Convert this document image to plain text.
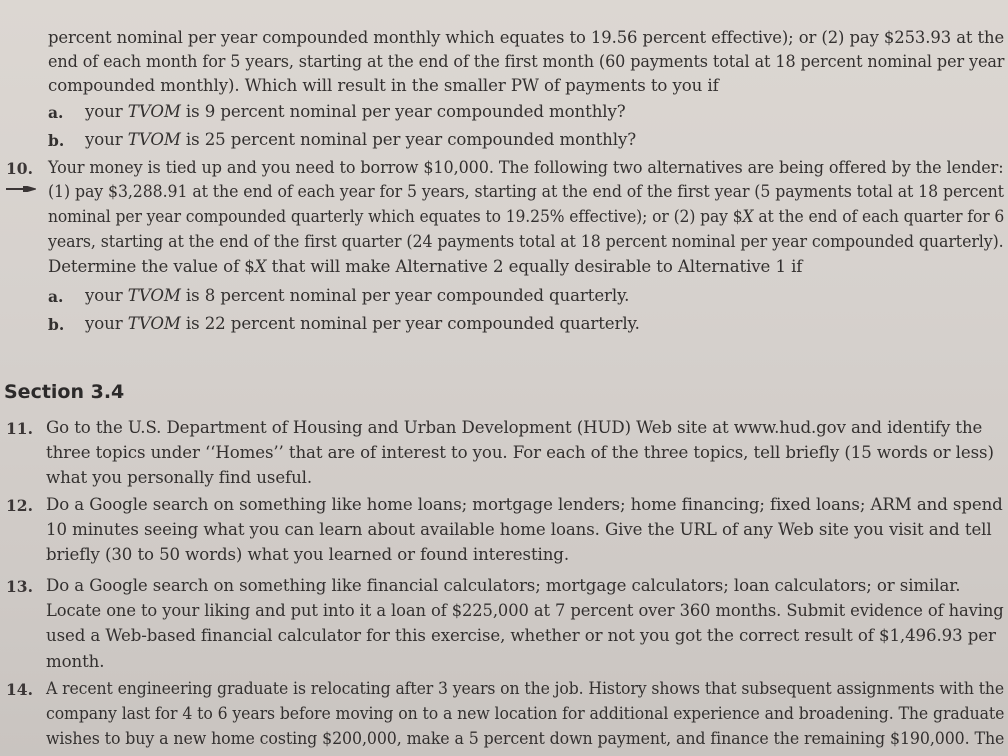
percent nominal per year compounded monthly which equates to 19.56 percent effective); or (2) pay $253.93 at the
end of each month for 5 years, starting at the end of the first month (60 payments total at 18 percent nominal per year
compounded monthly). Which will result in the smaller PW of payments to you if
a. your TVOM is 9 percent nominal per year compounded monthly?
b. your TVOM is 25 percent nominal per year compounded monthly?
10. Your money is tied up and you need to borrow $10,000. The following two alternatives are being offered by the lender:
(1) pay $3,288.91 at the end of each year for 5 years, starting at the end of the first year (5 payments total at 18 percent
nominal per year compounded quarterly which equates to 19.25% effective); or (2) pay $X at the end of each quarter for 6
years, starting at the end of the first quarter (24 payments total at 18 percent nominal per year compounded quarterly).
Determine the value of $X that will make Alternative 2 equally desirable to Alternative 1 if
a. your TVOM is 8 percent nominal per year compounded quarterly.
b. your TVOM is 22 percent nominal per year compounded quarterly.
Section 3.4
11. Go to the U.S. Department of Housing and Urban Development (HUD) Web site at www.hud.gov and identify the
three topics under ‘‘Homes’’ that are of interest to you. For each of the three topics, tell briefly (15 words or less)
what you personally find useful.
12. Do a Google search on something like home loans; mortgage lenders; home financing; fixed loans; ARM and spend
10 minutes seeing what you can learn about available home loans. Give the URL of any Web site you visit and tell
briefly (30 to 50 words) what you learned or found interesting.
13. Do a Google search on something like financial calculators; mortgage calculators; loan calculators; or similar.
Locate one to your liking and put into it a loan of $225,000 at 7 percent over 360 months. Submit evidence of having
used a Web-based financial calculator for this exercise, whether or not you got the correct result of $1,496.93 per
month.
14. A recent engineering graduate is relocating after 3 years on the job. History shows that subsequent assignments with the
company last for 4 to 6 years before moving on to a new location for additional experience and broadening. The graduate
wishes to buy a new home costing $200,000, make a 5 percent down payment, and finance the remaining $190,000. The
